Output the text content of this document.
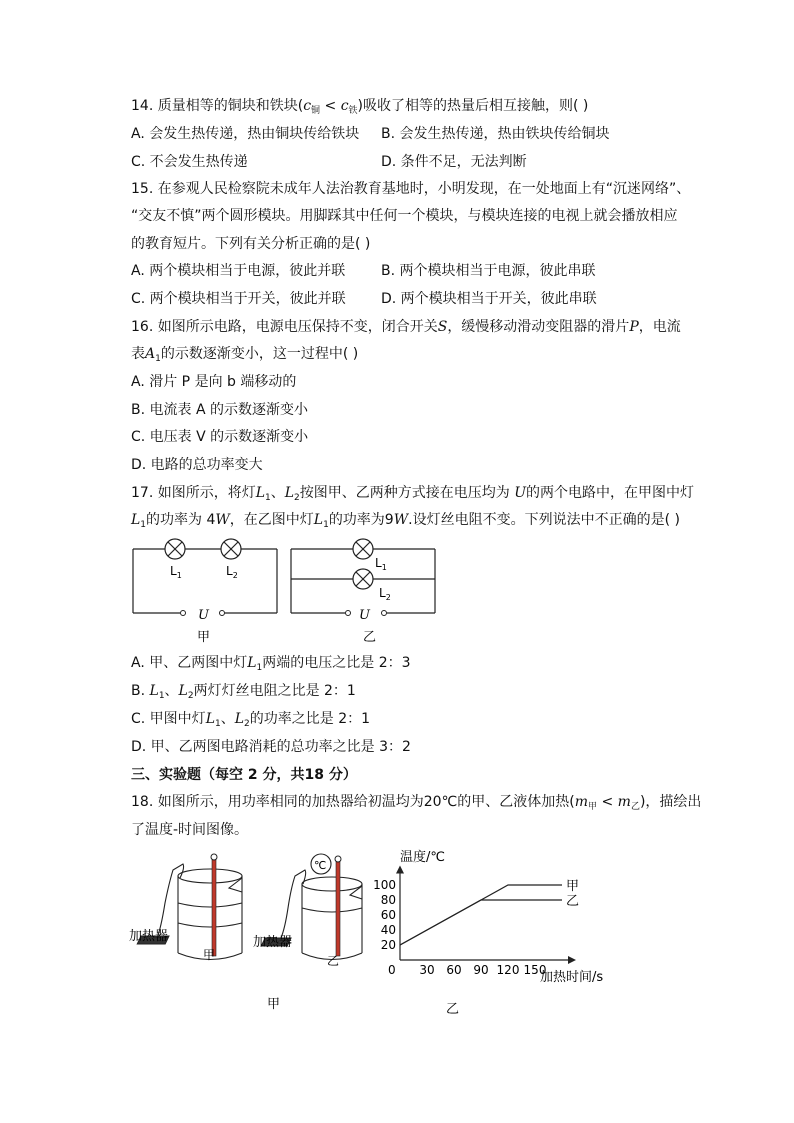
14. 质量相等的铜块和铁块$(c_铜 < c_铁)$吸收了相等的热量后相互接触，则( )
A. 会发生热传递，热由铜块传给铁块 B. 会发生热传递，热由铁块传给铜块
C. 不会发生热传递	D. 条件不足，无法判断
15. 在参观人民检察院未成年人法治教育基地时，小明发现，在一处地面上有“沉迷网络”、
“交友不慎”两个圆形模块。用脚踩其中任何一个模块，与模块连接的电视上就会播放相应
的教育短片。下列有关分析正确的是( )
A. 两个模块相当于电源，彼此并联	B. 两个模块相当于电源，彼此串联
C. 两个模块相当于开关，彼此并联	D. 两个模块相当于开关，彼此串联
16. 如图所示电路，电源电压保持不变，闭合开关S，缓慢移动滑动变阻器的滑片P，电流
表$A_1$的示数逐渐变小，这一过程中( )
A. 滑片 P 是向 b 端移动的
B. 电流表 A 的示数逐渐变小
C. 电压表 V 的示数逐渐变小
D. 电路的总功率变大
17. 如图所示，将灯$L_1$、$L_2$按图甲、乙两种方式接在电压均为 U的两个电路中，在甲图中灯
$L_1$的功率为 4W，在乙图中灯$L_1$的功率为9W.设灯丝电阻不变。下列说法中不正确的是( )
$L_1$	$L_2$
U
甲
$L_1$
$L_2$
U
乙
A. 甲、乙两图中灯$L_1$两端的电压之比是 2：3
B. $L_1$、$L_2$两灯灯丝电阻之比是 2：1
C. 甲图中灯$L_1$、$L_2$的功率之比是 2：1
D. 甲、乙两图电路消耗的总功率之比是 3：2
三、实验题（每空 2 分，共18 分）
18. 如图所示，用功率相同的加热器给初温均为20℃的甲、乙液体加热$(m_甲 < m_乙)$，描绘出
了温度-时间图像。
加热器
甲
甲
℃
加热器
乙
温度/℃
加热时间/s
乙
0
20
40
60
80
100
30 60 90 120 150
甲
乙
